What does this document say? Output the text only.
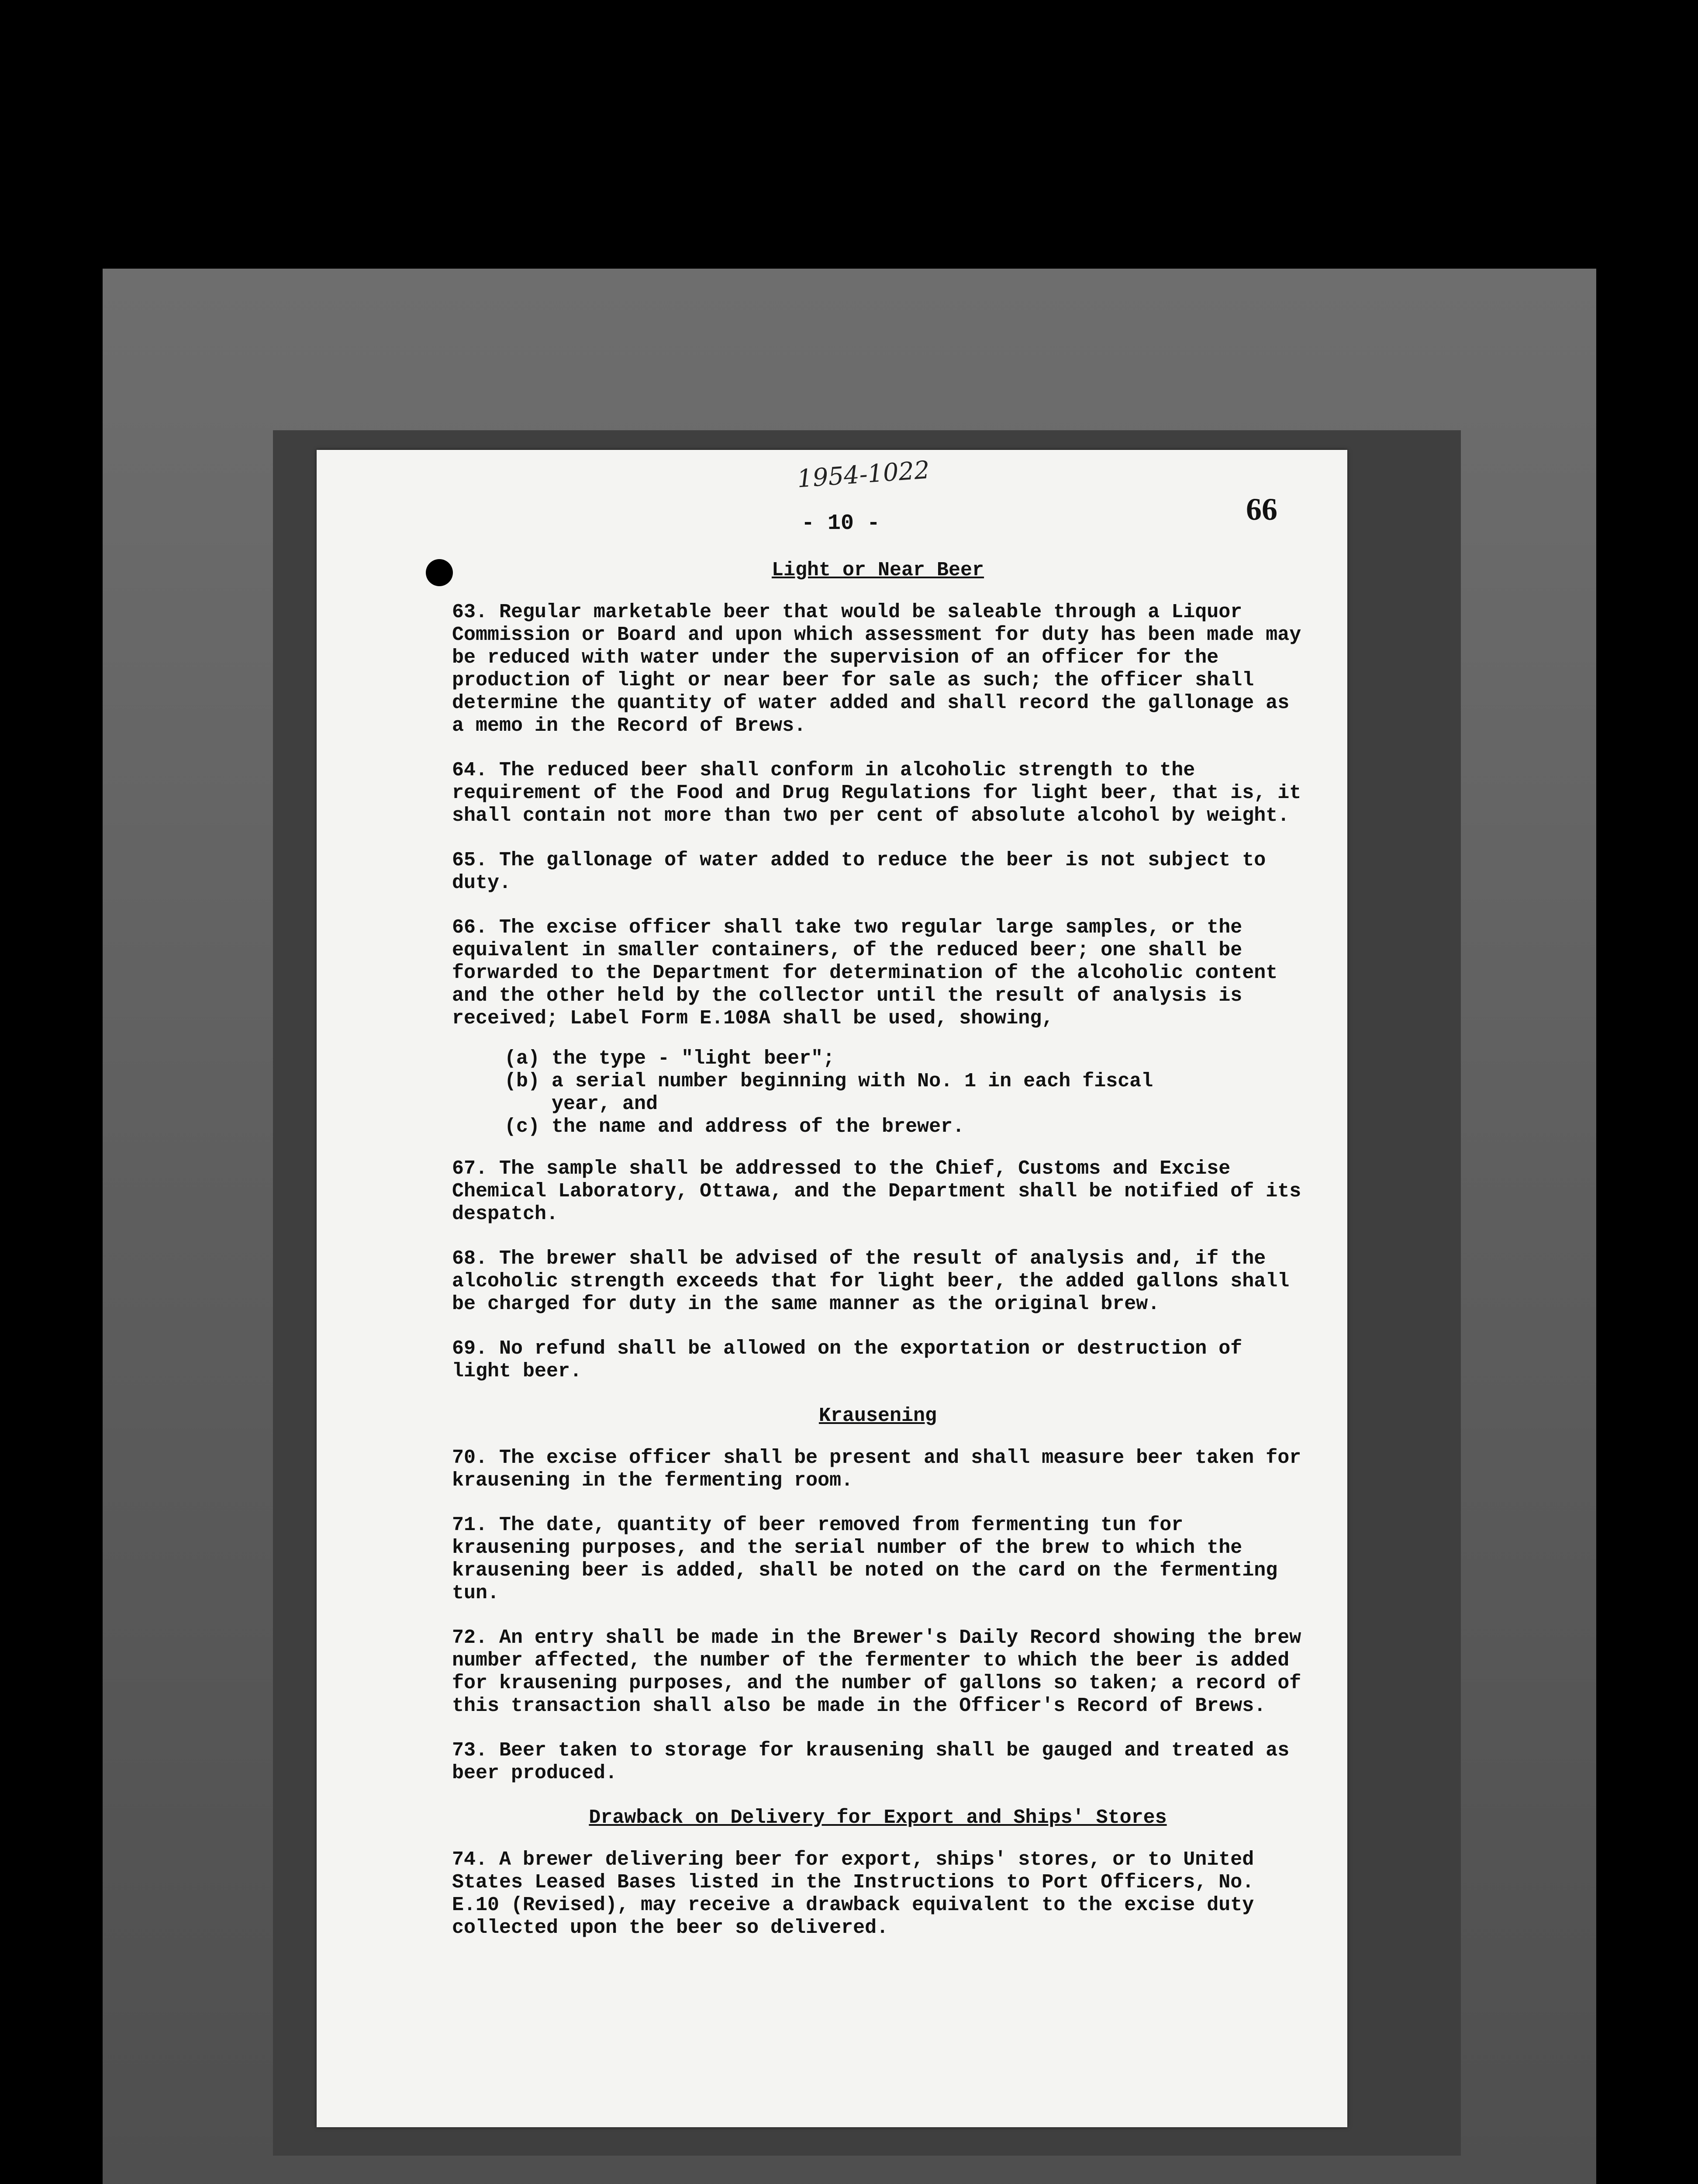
1954-1022
- 10 -	66
Light or Near Beer
63. Regular marketable beer that would be saleable through a Liquor Commission or Board and upon which assessment for duty has been made may be reduced with water under the supervision of an officer for the production of light or near beer for sale as such; the officer shall determine the quantity of water added and shall record the gallonage as a memo in the Record of Brews.
64. The reduced beer shall conform in alcoholic strength to the requirement of the Food and Drug Regulations for light beer, that is, it shall contain not more than two per cent of absolute alcohol by weight.
65. The gallonage of water added to reduce the beer is not subject to duty.
66. The excise officer shall take two regular large samples, or the equivalent in smaller containers, of the reduced beer; one shall be forwarded to the Department for determination of the alcoholic content and the other held by the collector until the result of analysis is received; Label Form E.108A shall be used, showing,
(a) the type - "light beer";
(b) a serial number beginning with No. 1 in each fiscal
year, and
(c) the name and address of the brewer.
67. The sample shall be addressed to the Chief, Customs and Excise Chemical Laboratory, Ottawa, and the Department shall be notified of its despatch.
68. The brewer shall be advised of the result of analysis and, if the alcoholic strength exceeds that for light beer, the added gallons shall be charged for duty in the same manner as the original brew.
69. No refund shall be allowed on the exportation or destruction of light beer.
Krausening
70. The excise officer shall be present and shall measure beer taken for krausening in the fermenting room.
71. The date, quantity of beer removed from fermenting tun for krausening purposes, and the serial number of the brew to which the krausening beer is added, shall be noted on the card on the fermenting tun.
72. An entry shall be made in the Brewer's Daily Record showing the brew number affected, the number of the fermenter to which the beer is added for krausening purposes, and the number of gallons so taken; a record of this transaction shall also be made in the Officer's Record of Brews.
73. Beer taken to storage for krausening shall be gauged and treated as beer produced.
Drawback on Delivery for Export and Ships' Stores
74. A brewer delivering beer for export, ships' stores, or to United States Leased Bases listed in the Instructions to Port Officers, No. E.10 (Revised), may receive a drawback equivalent to the excise duty collected upon the beer so delivered.
